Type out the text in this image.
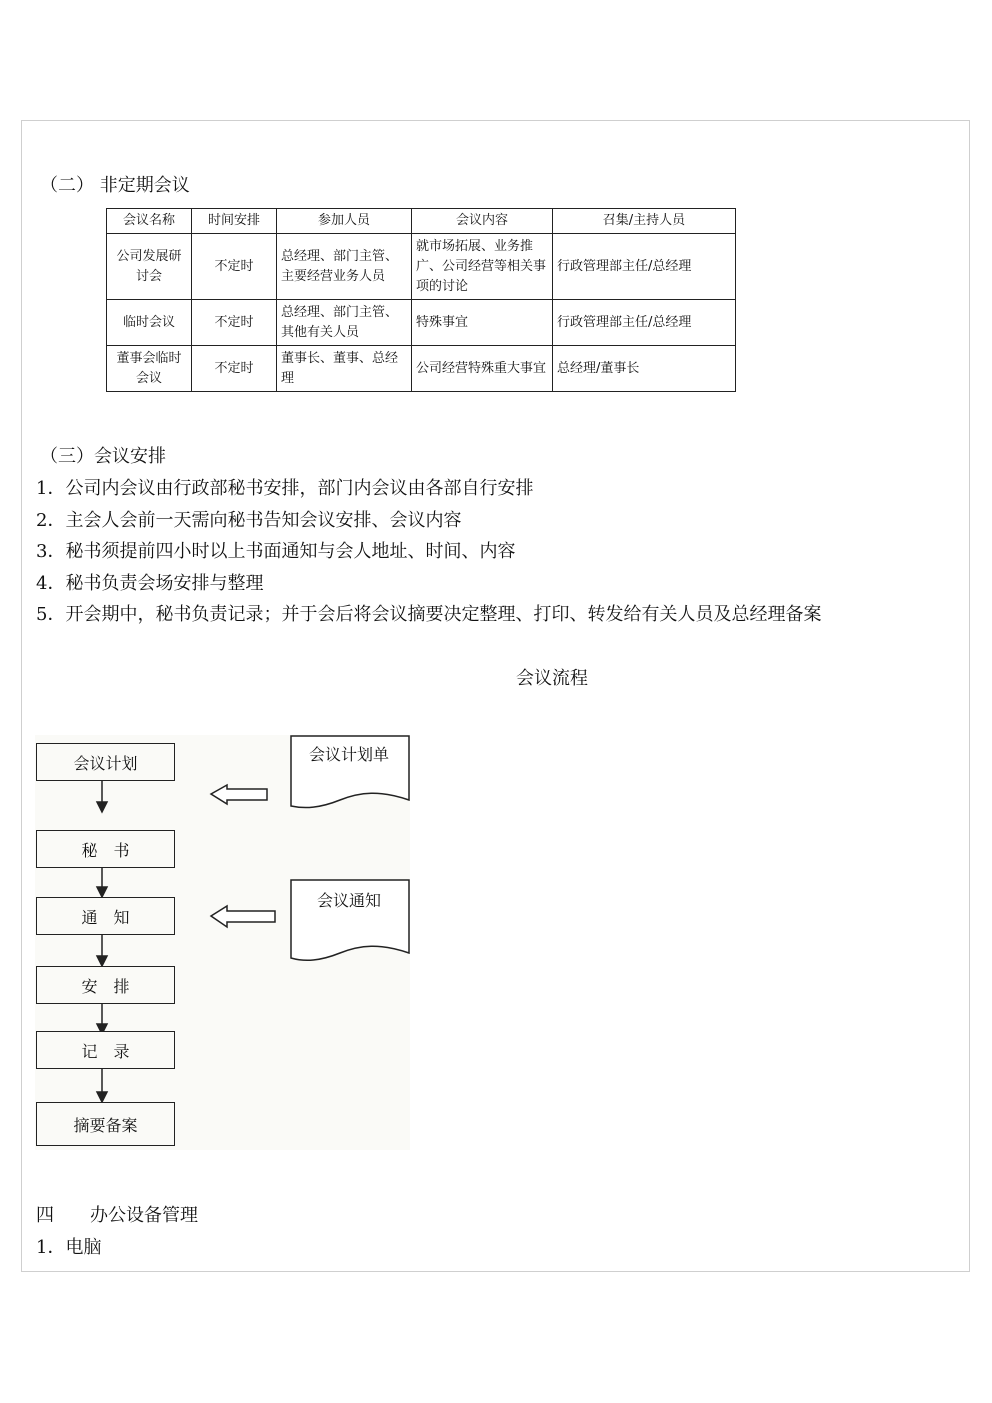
（二） 非定期会议
会议名称	时间安排	参加人员	会议内容	召集/主持人员
公司发展研讨会	不定时	总经理、部门主管、主要经营业务人员	就市场拓展、业务推广、公司经营等相关事项的讨论	行政管理部主任/总经理
临时会议	不定时	总经理、部门主管、其他有关人员	特殊事宜	行政管理部主任/总经理
董事会临时会议	不定时	董事长、董事、总经理	公司经营特殊重大事宜	总经理/董事长
（三）会议安排
1．公司内会议由行政部秘书安排，部门内会议由各部自行安排
2．主会人会前一天需向秘书告知会议安排、会议内容
3．秘书须提前四小时以上书面通知与会人地址、时间、内容
4．秘书负责会场安排与整理
5．开会期中，秘书负责记录；并于会后将会议摘要决定整理、打印、转发给有关人员及总经理备案
会议流程
会议计划单
会议通知
会议计划
秘　书
通　知
安　排
记　录
摘要备案
四　　办公设备管理
1．电脑
